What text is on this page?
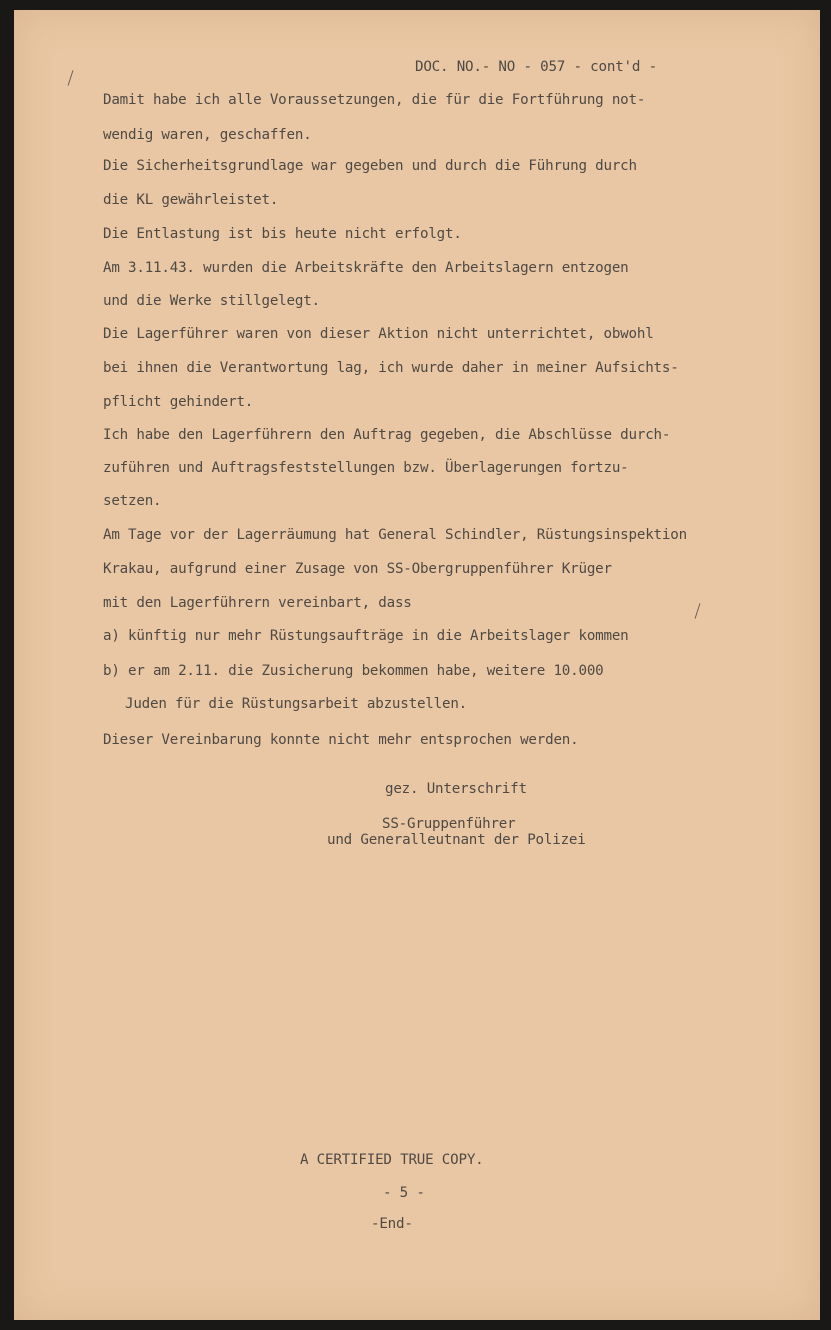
DOC. NO.- NO - 057 - cont'd -
Damit habe ich alle Voraussetzungen, die für die Fortführung not-
wendig waren, geschaffen.
Die Sicherheitsgrundlage war gegeben und durch die Führung durch
die KL gewährleistet.
Die Entlastung ist bis heute nicht erfolgt.
Am 3.11.43. wurden die Arbeitskräfte den Arbeitslagern entzogen
und die Werke stillgelegt.
Die Lagerführer waren von dieser Aktion nicht unterrichtet, obwohl
bei ihnen die Verantwortung lag, ich wurde daher in meiner Aufsichts-
pflicht gehindert.
Ich habe den Lagerführern den Auftrag gegeben, die Abschlüsse durch-
zuführen und Auftragsfeststellungen bzw. Überlagerungen fortzu-
setzen.
Am Tage vor der Lagerräumung hat General Schindler, Rüstungsinspektion
Krakau, aufgrund einer Zusage von SS-Obergruppenführer Krüger
mit den Lagerführern vereinbart, dass
a) künftig nur mehr Rüstungsaufträge in die Arbeitslager kommen
b) er am 2.11. die Zusicherung bekommen habe, weitere 10.000
Juden für die Rüstungsarbeit abzustellen.
Dieser Vereinbarung konnte nicht mehr entsprochen werden.
gez. Unterschrift
SS-Gruppenführer
und Generalleutnant der Polizei
A CERTIFIED TRUE COPY.
- 5 -
-End-
